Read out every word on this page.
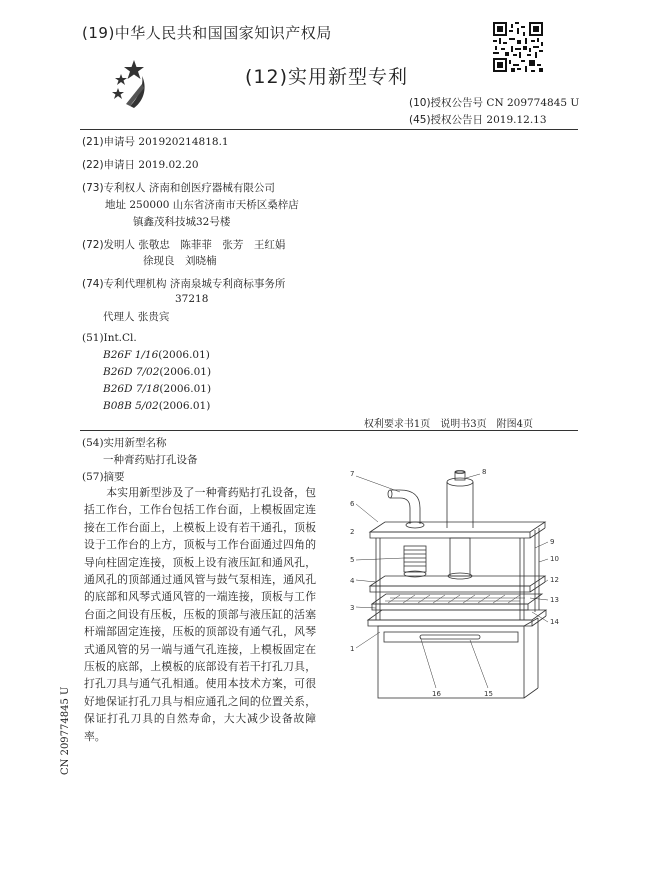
(19)中华人民共和国国家知识产权局
(12)实用新型专利
(10)授权公告号 CN 209774845 U
(45)授权公告日 2019.12.13
(21)申请号 201920214818.1
(22)申请日 2019.02.20
(73)专利权人 济南和创医疗器械有限公司
地址 250000 山东省济南市天桥区桑梓店
镇鑫茂科技城32号楼
(72)发明人 张敬忠　陈菲菲　张芳　王红娟
徐现良　刘晓楠
(74)专利代理机构 济南泉城专利商标事务所
37218
代理人 张贵宾
(51)Int.Cl.
B26F 1/16(2006.01)
B26D 7/02(2006.01)
B26D 7/18(2006.01)
B08B 5/02(2006.01)
权利要求书1页　说明书3页　附图4页
(54)实用新型名称
一种膏药贴打孔设备
(57)摘要

本实用新型涉及了一种膏药贴打孔设备，包括工作台，工作台包括工作台面，上模板固定连接在工作台面上，上模板上设有若干通孔，顶板设于工作台的上方，顶板与工作台面通过四角的导向柱固定连接，顶板上设有液压缸和通风孔，通风孔的顶部通过通风管与鼓气泵相连，通风孔的底部和风琴式通风管的一端连接，顶板与工作台面之间设有压板，压板的顶部与液压缸的活塞杆端部固定连接，压板的顶部设有通气孔，风琴式通风管的另一端与通气孔连接，上模板固定在压板的底部，上模板的底部设有若干打孔刀具，打孔刀具与通气孔相通。使用本技术方案，可很好地保证打孔刀具与相应通孔之间的位置关系，保证打孔刀具的自然寿命，大大减少设备故障率。

CN 209774845 U
7
6
8
5
4
3
1
9
10
12
13
14
15
16
2
